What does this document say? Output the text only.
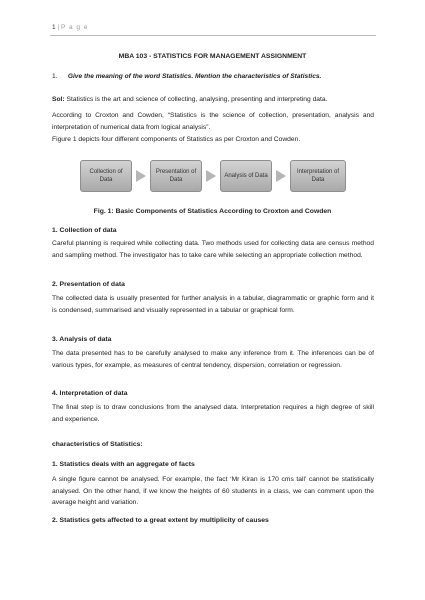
1 | P a g e
MBA 103 - STATISTICS FOR MANAGEMENT ASSIGNMENT
1. Give the meaning of the word Statistics. Mention the characteristics of Statistics.
Sol: Statistics is the art and science of collecting, analysing, presenting and interpreting data.
According to Croxton and Cowden, “Statistics is the science of collection, presentation, analysis and interpretation of numerical data from logical analysis”.
Figure 1 depicts four different components of Statistics as per Croxton and Cowden.
Collection of Data
Presentation of Data
Analysis of Data
Interpretation of Data
Fig. 1: Basic Components of Statistics According to Croxton and Cowden
1. Collection of data
Careful planning is required while collecting data. Two methods used for collecting data are census method and sampling method. The investigator has to take care while selecting an appropriate collection method.
2. Presentation of data
The collected data is usually presented for further analysis in a tabular, diagrammatic or graphic form and it is condensed, summarised and visually represented in a tabular or graphical form.
3. Analysis of data
The data presented has to be carefully analysed to make any inference from it. The inferences can be of various types, for example, as measures of central tendency, dispersion, correlation or regression.
4. Interpretation of data
The final step is to draw conclusions from the analysed data. Interpretation requires a high degree of skill and experience.
characteristics of Statistics:
1. Statistics deals with an aggregate of facts
A single figure cannot be analysed. For example, the fact ‘Mr Kiran is 170 cms tall’ cannot be statistically analysed. On the other hand, if we know the heights of 60 students in a class, we can comment upon the average height and variation.
2. Statistics gets affected to a great extent by multiplicity of causes
